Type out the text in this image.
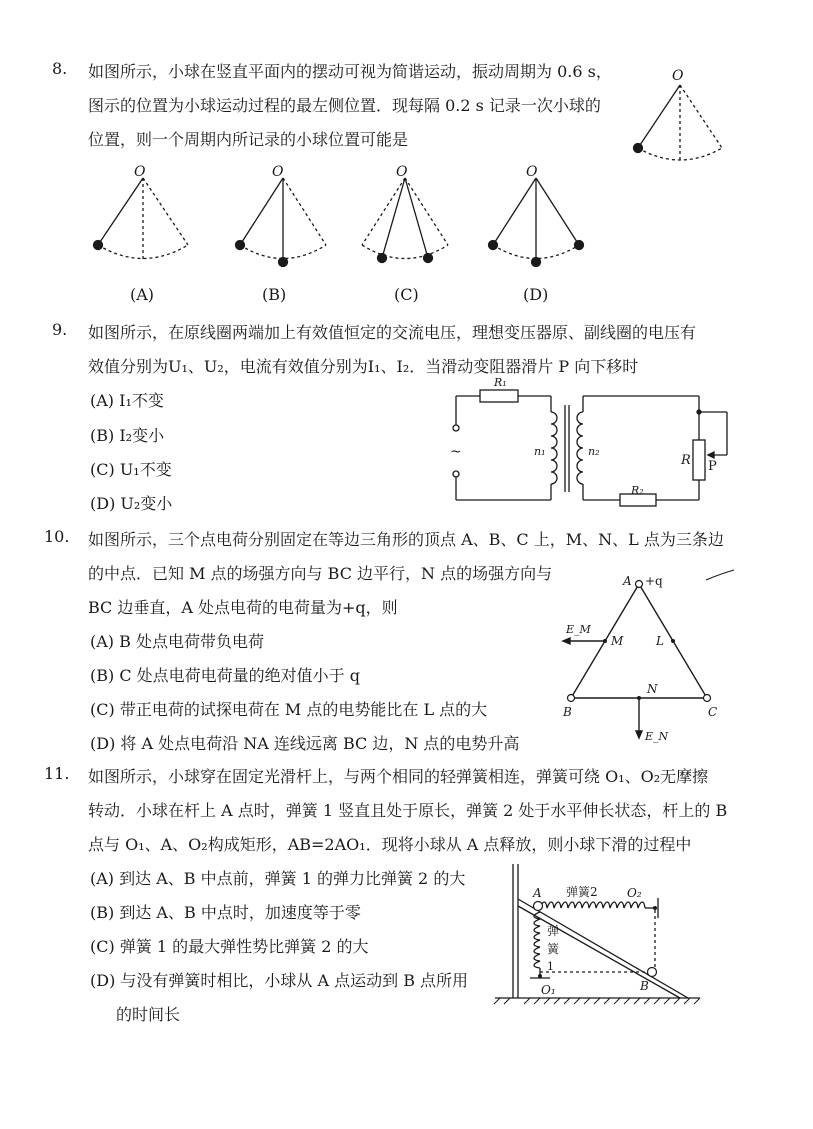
8. 如图所示，小球在竖直平面内的摆动可视为简谐运动，振动周期为 0.6 s，
图示的位置为小球运动过程的最左侧位置．现每隔 0.2 s 记录一次小球的
位置，则一个周期内所记录的小球位置可能是
O
O	O	O	O
(A)	(B)	(C)	(D)
9. 如图所示，在原线圈两端加上有效值恒定的交流电压，理想变压器原、副线圈的电压有
效值分别为U₁、U₂，电流有效值分别为I₁、I₂．当滑动变阻器滑片 P 向下移时
(A) I₁不变
(B) I₂变小
(C) U₁不变
(D) U₂变小
R₁
R₂
n₁	n₂
R P
~
10. 如图所示，三个点电荷分别固定在等边三角形的顶点 A、B、C 上，M、N、L 点为三条边
的中点．已知 M 点的场强方向与 BC 边平行，N 点的场强方向与
BC 边垂直，A 处点电荷的电荷量为+q，则
(A) B 处点电荷带负电荷
(B) C 处点电荷电荷量的绝对值小于 q
(C) 带正电荷的试探电荷在 M 点的电势能比在 L 点的大
(D) 将 A 处点电荷沿 NA 连线远离 BC 边，N 点的电势升高
A +q
B	C
M	L
N
E_M
E_N
11. 如图所示，小球穿在固定光滑杆上，与两个相同的轻弹簧相连，弹簧可绕 O₁、O₂无摩擦
转动．小球在杆上 A 点时，弹簧 1 竖直且处于原长，弹簧 2 处于水平伸长状态，杆上的 B
点与 O₁、A、O₂构成矩形，AB=2AO₁．现将小球从 A 点释放，则小球下滑的过程中
(A) 到达 A、B 中点前，弹簧 1 的弹力比弹簧 2 的大
(B) 到达 A、B 中点时，加速度等于零
(C) 弹簧 1 的最大弹性势比弹簧 2 的大
(D) 与没有弹簧时相比，小球从 A 点运动到 B 点所用
的时间长
A
B
O₂
O₁
弹簧2
弹
簧
1
